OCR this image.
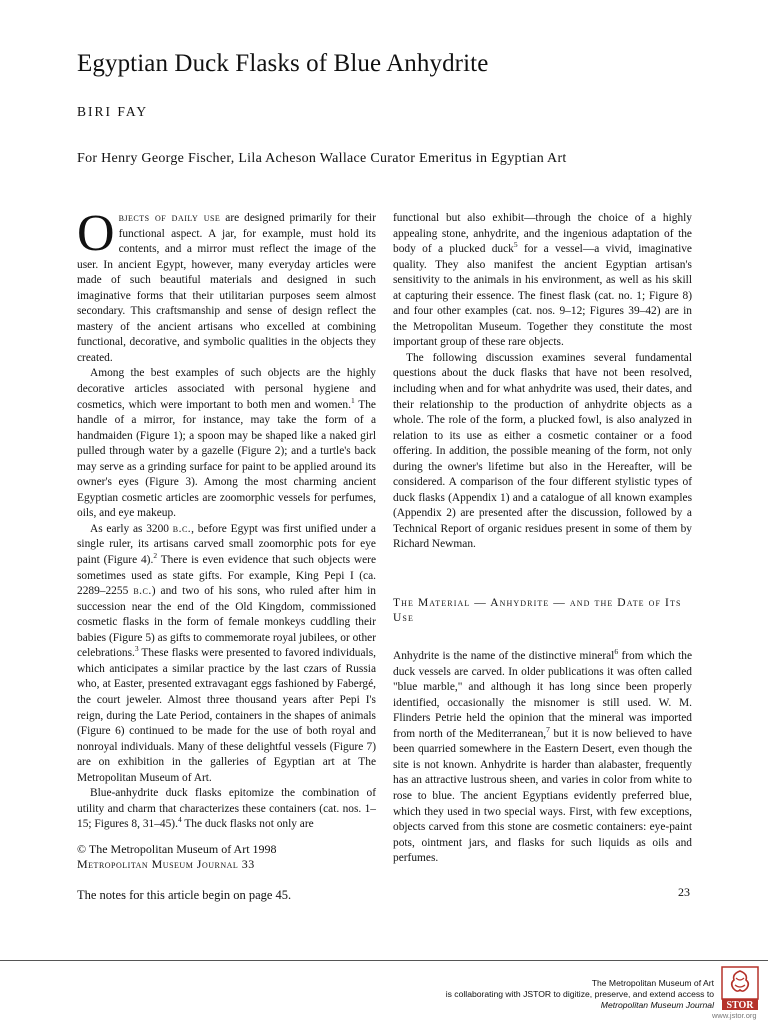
Egyptian Duck Flasks of Blue Anhydrite
BIRI FAY
For Henry George Fischer, Lila Acheson Wallace Curator Emeritus in Egyptian Art

Objects of daily use are designed primarily for their functional aspect. A jar, for example, must hold its contents, and a mirror must reflect the image of the user. In ancient Egypt, however, many everyday articles were made of such beautiful materials and designed in such imaginative forms that their utilitarian purposes seem almost secondary. This craftsmanship and sense of design reflect the mastery of the ancient artisans who excelled at combining functional, decorative, and symbolic qualities in the objects they created.

Among the best examples of such objects are the highly decorative articles associated with personal hygiene and cosmetics, which were important to both men and women.$^1$ The handle of a mirror, for instance, may take the form of a handmaiden (Figure 1); a spoon may be shaped like a naked girl pulled through water by a gazelle (Figure 2); and a turtle's back may serve as a grinding surface for paint to be applied around its owner's eyes (Figure 3). Among the most charming ancient Egyptian cosmetic articles are zoomorphic vessels for perfumes, oils, and eye makeup.

As early as 3200 b.c., before Egypt was first unified under a single ruler, its artisans carved small zoomorphic pots for eye paint (Figure 4).$^2$ There is even evidence that such objects were sometimes used as state gifts. For example, King Pepi I (ca. 2289–2255 b.c.) and two of his sons, who ruled after him in succession near the end of the Old Kingdom, commissioned cosmetic flasks in the form of female monkeys cuddling their babies (Figure 5) as gifts to commemorate royal jubilees, or other celebrations.$^3$ These flasks were presented to favored individuals, which anticipates a similar practice by the last czars of Russia who, at Easter, presented extravagant eggs fashioned by Fabergé, the court jeweler. Almost three thousand years after Pepi I's reign, during the Late Period, containers in the shapes of animals (Figure 6) continued to be made for the use of both royal and nonroyal individuals. Many of these delightful vessels (Figure 7) are on exhibition in the galleries of Egyptian art at The Metropolitan Museum of Art.

Blue-anhydrite duck flasks epitomize the combination of utility and charm that characterizes these containers (cat. nos. 1–15; Figures 8, 31–45).$^4$ The duck flasks not only are

functional but also exhibit—through the choice of a highly appealing stone, anhydrite, and the ingenious adaptation of the body of a plucked duck$^5$ for a vessel—a vivid, imaginative quality. They also manifest the ancient Egyptian artisan's sensitivity to the animals in his environment, as well as his skill at capturing their essence. The finest flask (cat. no. 1; Figure 8) and four other examples (cat. nos. 9–12; Figures 39–42) are in the Metropolitan Museum. Together they constitute the most important group of these rare objects.

The following discussion examines several fundamental questions about the duck flasks that have not been resolved, including when and for what anhydrite was used, their dates, and their relationship to the production of anhydrite objects as a whole. The role of the form, a plucked fowl, is also analyzed in relation to its use as either a cosmetic container or a food offering. In addition, the possible meaning of the form, not only during the owner's lifetime but also in the Hereafter, will be considered. A comparison of the four different stylistic types of duck flasks (Appendix 1) and a catalogue of all known examples (Appendix 2) are presented after the discussion, followed by a Technical Report of organic residues present in some of them by Richard Newman.

The Material — Anhydrite — and the Date of Its Use

Anhydrite is the name of the distinctive mineral$^6$ from which the duck vessels are carved. In older publications it was often called "blue marble," and although it has long since been properly identified, occasionally the misnomer is still used. W. M. Flinders Petrie held the opinion that the mineral was imported from north of the Mediterranean,$^7$ but it is now believed to have been quarried somewhere in the Eastern Desert, even though the site is not known. Anhydrite is harder than alabaster, frequently has an attractive lustrous sheen, and varies in color from white to rose to blue. The ancient Egyptians evidently preferred blue, which they used in two special ways. First, with few exceptions, objects carved from this stone are cosmetic containers: eye-paint pots, ointment jars, and flasks for such liquids as oils and perfumes.

© The Metropolitan Museum of Art 1998
Metropolitan Museum Journal 33
The notes for this article begin on page 45.	23
The Metropolitan Museum of Art
is collaborating with JSTOR to digitize, preserve, and extend access to
Metropolitan Museum Journal STOR
www.jstor.org
